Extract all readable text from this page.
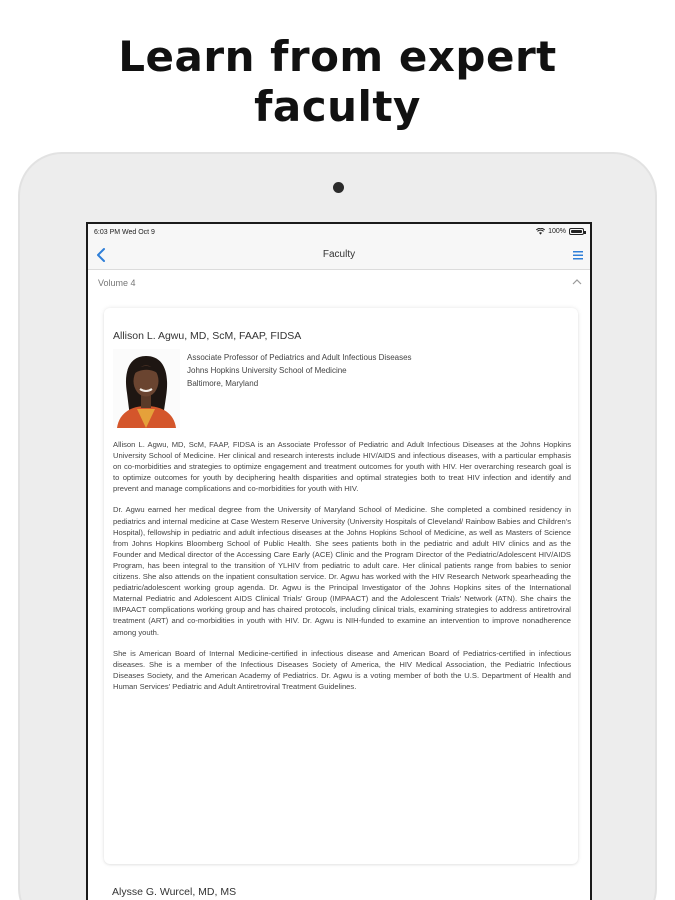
Learn from expert
faculty
6:03 PM Wed Oct 9	100%
Faculty
Volume 4
Allison L. Agwu, MD, ScM, FAAP, FIDSA
Associate Professor of Pediatrics and Adult Infectious Diseases
Johns Hopkins University School of Medicine
Baltimore, Maryland

Allison L. Agwu, MD, ScM, FAAP, FIDSA is an Associate Professor of Pediatric and Adult Infectious Diseases at the Johns Hopkins University School of Medicine. Her clinical and research interests include HIV/AIDS and infectious diseases, with a particular emphasis on co-morbidities and strategies to optimize engagement and treatment outcomes for youth with HIV. Her overarching research goal is to optimize outcomes for youth by deciphering health disparities and optimal strategies both to treat HIV infection and identify and prevent and manage complications and co-morbidities for youth with HIV.

Dr. Agwu earned her medical degree from the University of Maryland School of Medicine. She completed a combined residency in pediatrics and internal medicine at Case Western Reserve University (University Hospitals of Cleveland/ Rainbow Babies and Children's Hospital), fellowship in pediatric and adult infectious diseases at the Johns Hopkins School of Medicine, as well as Masters of Science from Johns Hopkins Bloomberg School of Public Health. She sees patients both in the pediatric and adult HIV clinics and as the Founder and Medical director of the Accessing Care Early (ACE) Clinic and the Program Director of the Pediatric/Adolescent HIV/AIDS Program, has been integral to the transition of YLHIV from pediatric to adult care. Her clinical patients range from babies to senior citizens. She also attends on the inpatient consultation service. Dr. Agwu has worked with the HIV Research Network spearheading the pediatric/adolescent working group agenda. Dr. Agwu is the Principal Investigator of the Johns Hopkins sites of the International Maternal Pediatric and Adolescent AIDS Clinical Trials' Group (IMPAACT) and the Adolescent Trials' Network (ATN). She chairs the IMPAACT complications working group and has chaired protocols, including clinical trials, examining strategies to address antiretroviral treatment (ART) and co-morbidities in youth with HIV. Dr. Agwu is NIH-funded to examine an intervention to improve nonadherence among youth.

She is American Board of Internal Medicine-certified in infectious disease and American Board of Pediatrics-certified in infectious diseases. She is a member of the Infectious Diseases Society of America, the HIV Medical Association, the Pediatric Infectious Diseases Society, and the American Academy of Pediatrics. Dr. Agwu is a voting member of both the U.S. Department of Health and Human Services' Pediatric and Adult Antiretroviral Treatment Guidelines.

Alysse G. Wurcel, MD, MS
